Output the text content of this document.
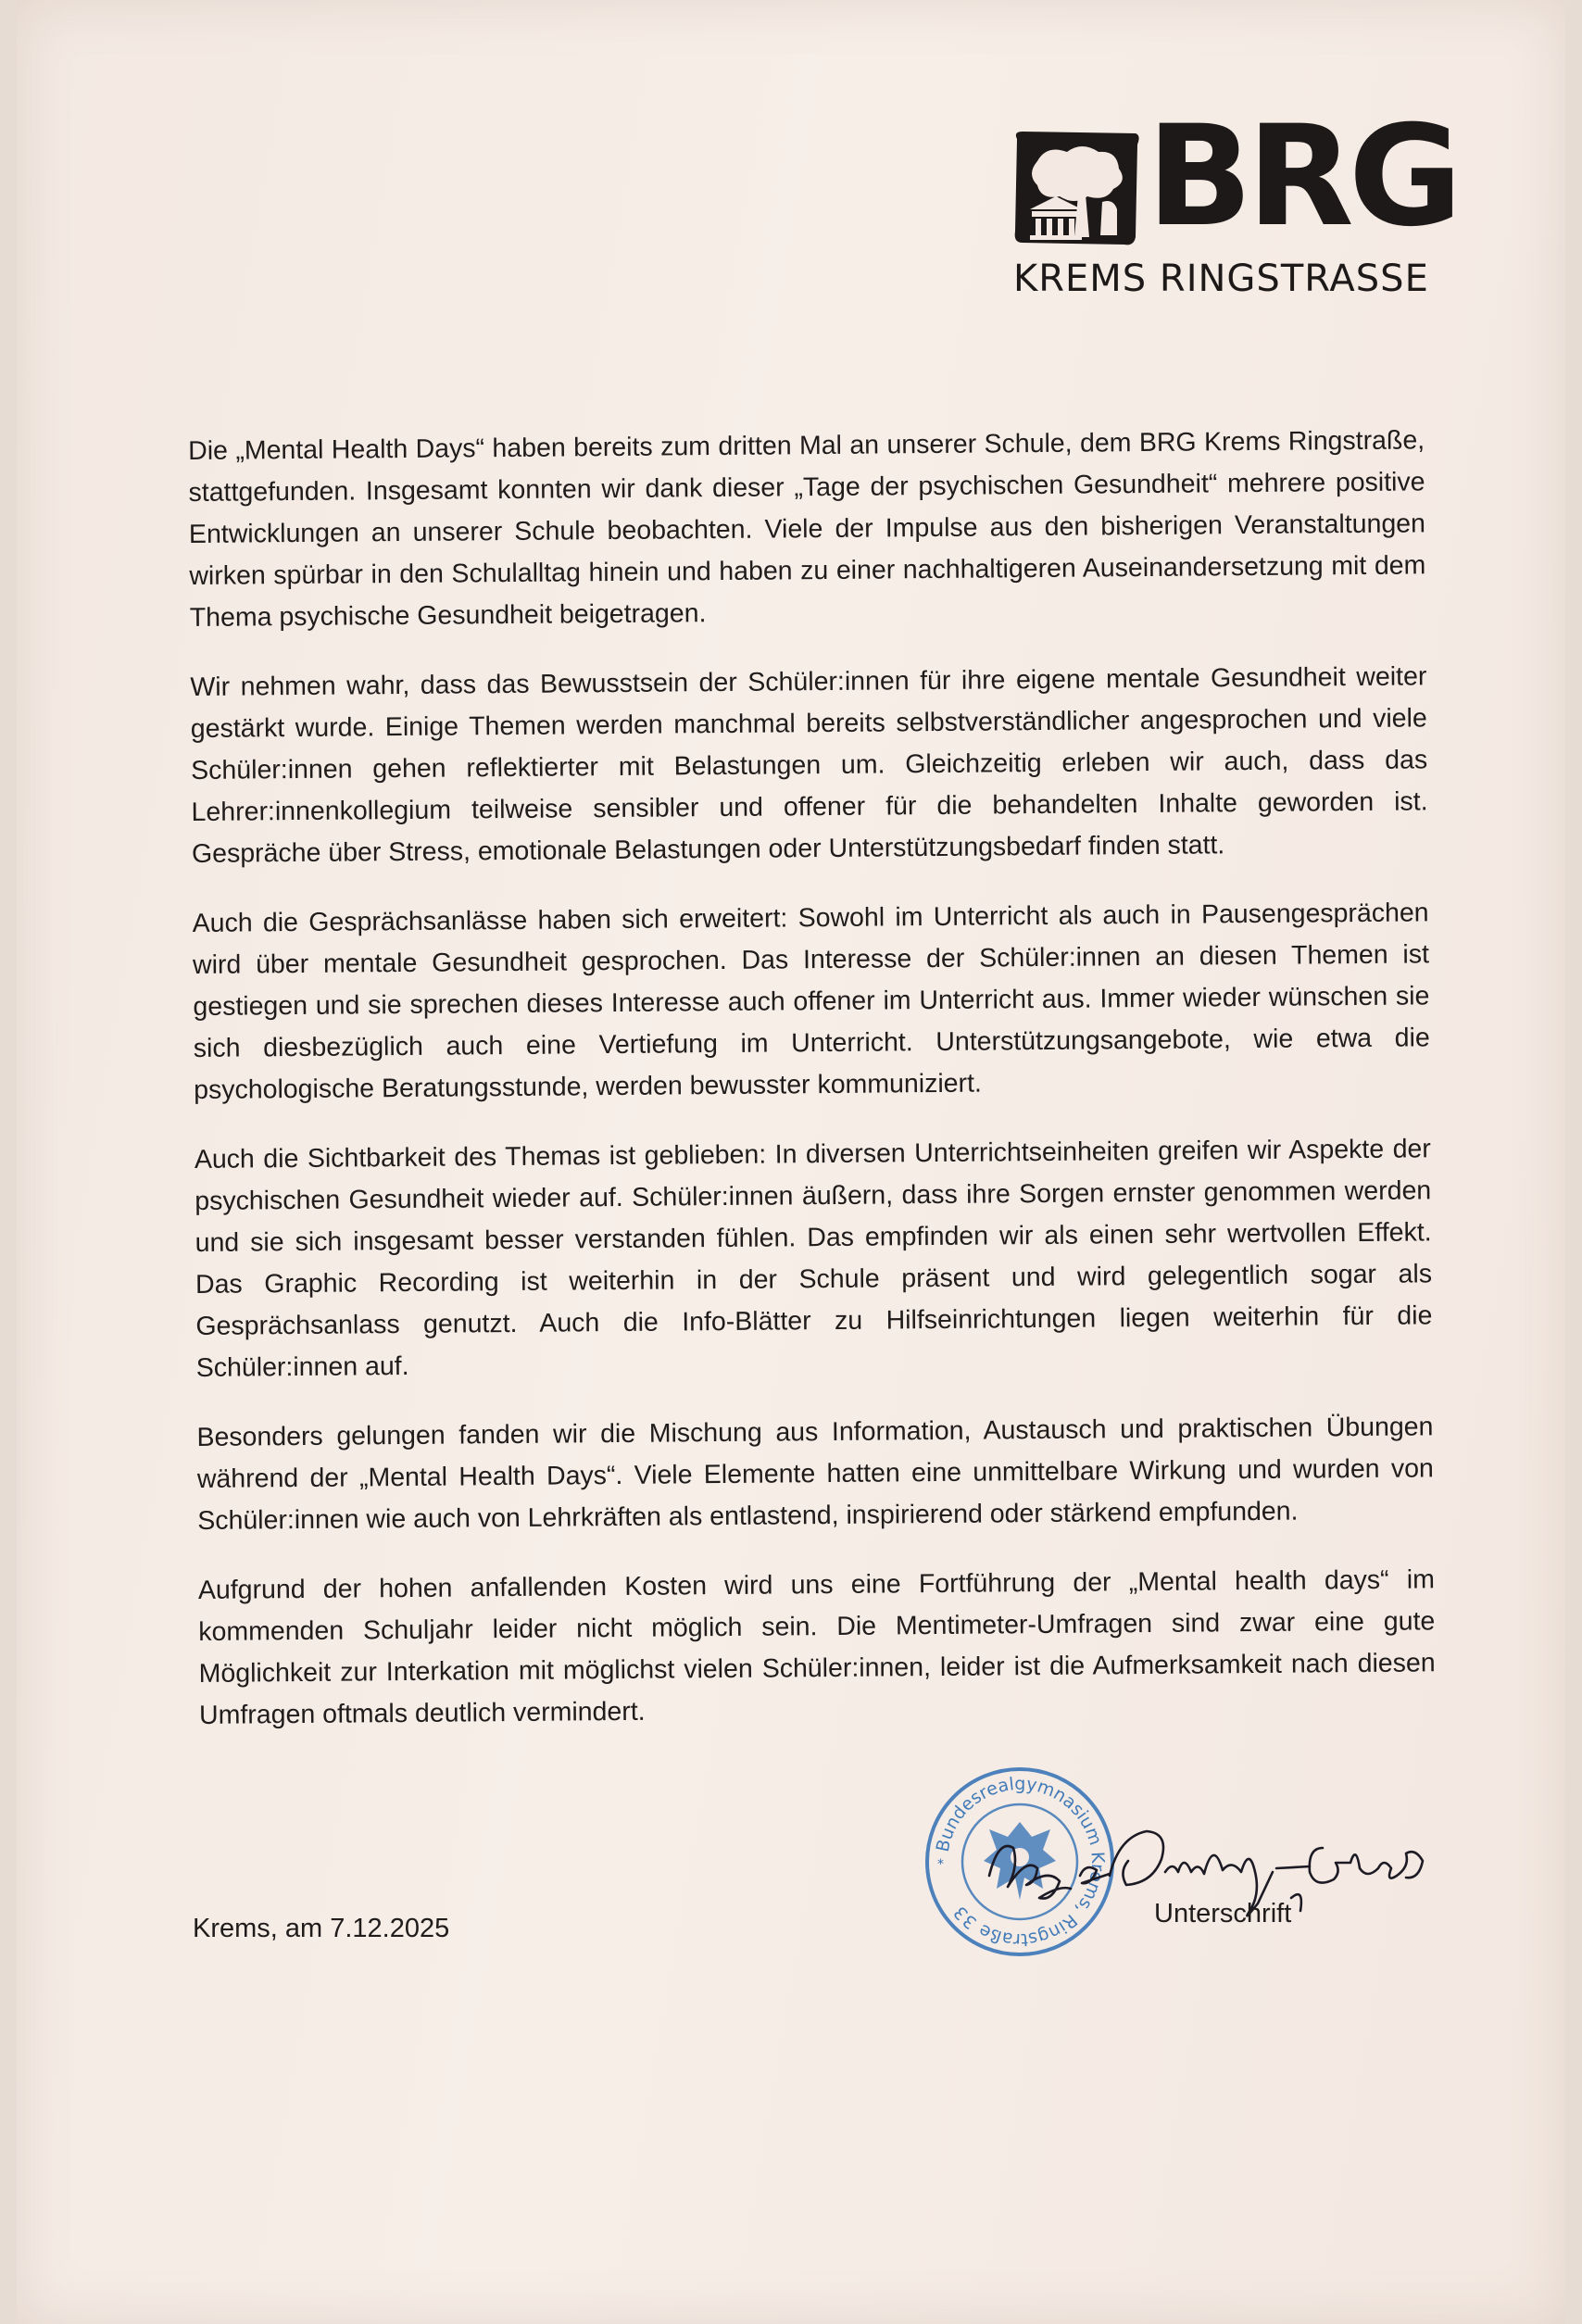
BRG
KREMS RINGSTRASSE

Die „Mental Health Days“ haben bereits zum dritten Mal an unserer Schule, dem BRG Krems Ringstraße, stattgefunden. Insgesamt konnten wir dank dieser „Tage der psychischen Gesundheit“ mehrere positive Entwicklungen an unserer Schule beobachten. Viele der Impulse aus den bisherigen Veranstaltungen wirken spürbar in den Schulalltag hinein und haben zu einer nachhaltigeren Auseinandersetzung mit dem Thema psychische Gesundheit beigetragen.

Wir nehmen wahr, dass das Bewusstsein der Schüler:innen für ihre eigene mentale Gesundheit weiter gestärkt wurde. Einige Themen werden manchmal bereits selbstverständlicher angesprochen und viele Schüler:innen gehen reflektierter mit Belastungen um. Gleichzeitig erleben wir auch, dass das Lehrer:innenkollegium teilweise sensibler und offener für die behandelten Inhalte geworden ist. Gespräche über Stress, emotionale Belastungen oder Unterstützungsbedarf finden statt.

Auch die Gesprächsanlässe haben sich erweitert: Sowohl im Unterricht als auch in Pausengesprächen wird über mentale Gesundheit gesprochen. Das Interesse der Schüler:innen an diesen Themen ist gestiegen und sie sprechen dieses Interesse auch offener im Unterricht aus. Immer wieder wünschen sie sich diesbezüglich auch eine Vertiefung im Unterricht. Unterstützungsangebote, wie etwa die psychologische Beratungsstunde, werden bewusster kommuniziert.

Auch die Sichtbarkeit des Themas ist geblieben: In diversen Unterrichtseinheiten greifen wir Aspekte der psychischen Gesundheit wieder auf. Schüler:innen äußern, dass ihre Sorgen ernster genommen werden und sie sich insgesamt besser verstanden fühlen. Das empfinden wir als einen sehr wertvollen Effekt. Das Graphic Recording ist weiterhin in der Schule präsent und wird gelegentlich sogar als Gesprächsanlass genutzt. Auch die Info-Blätter zu Hilfseinrichtungen liegen weiterhin für die Schüler:innen auf.

Besonders gelungen fanden wir die Mischung aus Information, Austausch und praktischen Übungen während der „Mental Health Days“. Viele Elemente hatten eine unmittelbare Wirkung und wurden von Schüler:innen wie auch von Lehrkräften als entlastend, inspirierend oder stärkend empfunden.

Aufgrund der hohen anfallenden Kosten wird uns eine Fortführung der „Mental health days“ im kommenden Schuljahr leider nicht möglich sein. Die Mentimeter-Umfragen sind zwar eine gute Möglichkeit zur Interkation mit möglichst vielen Schüler:innen, leider ist die Aufmerksamkeit nach diesen Umfragen oftmals deutlich vermindert.

Krems, am 7.12.2025
Bundesrealgymnasium Krems, Ringstraße 33
*
Unterschrift
